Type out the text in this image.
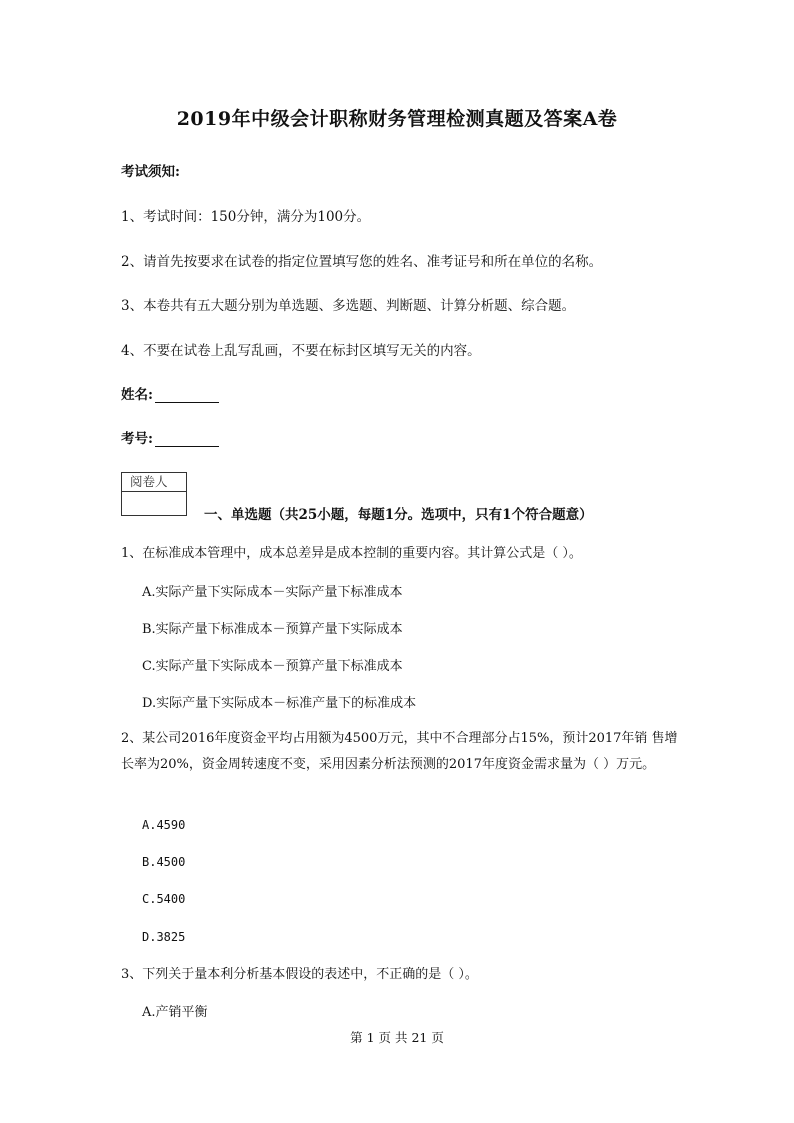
2019年中级会计职称财务管理检测真题及答案A卷
考试须知:
1、考试时间：150分钟，满分为100分。
2、请首先按要求在试卷的指定位置填写您的姓名、准考证号和所在单位的名称。
3、本卷共有五大题分别为单选题、多选题、判断题、计算分析题、综合题。
4、不要在试卷上乱写乱画，不要在标封区填写无关的内容。
姓名:
考号:
阅卷人
一、单选题（共25小题，每题1分。选项中，只有1个符合题意）
1、在标准成本管理中，成本总差异是成本控制的重要内容。其计算公式是（ ）。
A.实际产量下实际成本－实际产量下标准成本
B.实际产量下标准成本－预算产量下实际成本
C.实际产量下实际成本－预算产量下标准成本
D.实际产量下实际成本－标准产量下的标准成本
2、某公司2016年度资金平均占用额为4500万元，其中不合理部分占15%，预计2017年销 售增长率为20%，资金周转速度不变，采用因素分析法预测的2017年度资金需求量为（ ）万元。
A.4590
B.4500
C.5400
D.3825
3、下列关于量本利分析基本假设的表述中，不正确的是（ ）。
A.产销平衡
第 1 页 共 21 页
